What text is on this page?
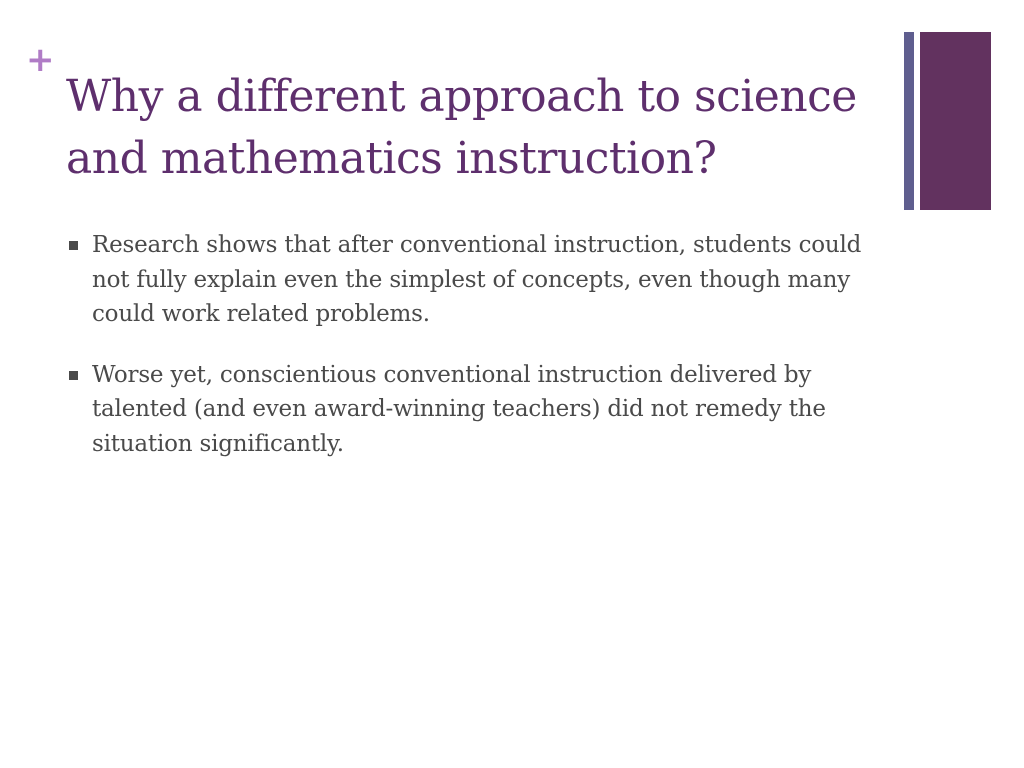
+
Why a different approach to science and mathematics instruction?
Research shows that after conventional instruction, students could not fully explain even the simplest of concepts, even though many could work related problems.
Worse yet, conscientious conventional instruction delivered by talented (and even award-winning teachers) did not remedy the situation significantly.
